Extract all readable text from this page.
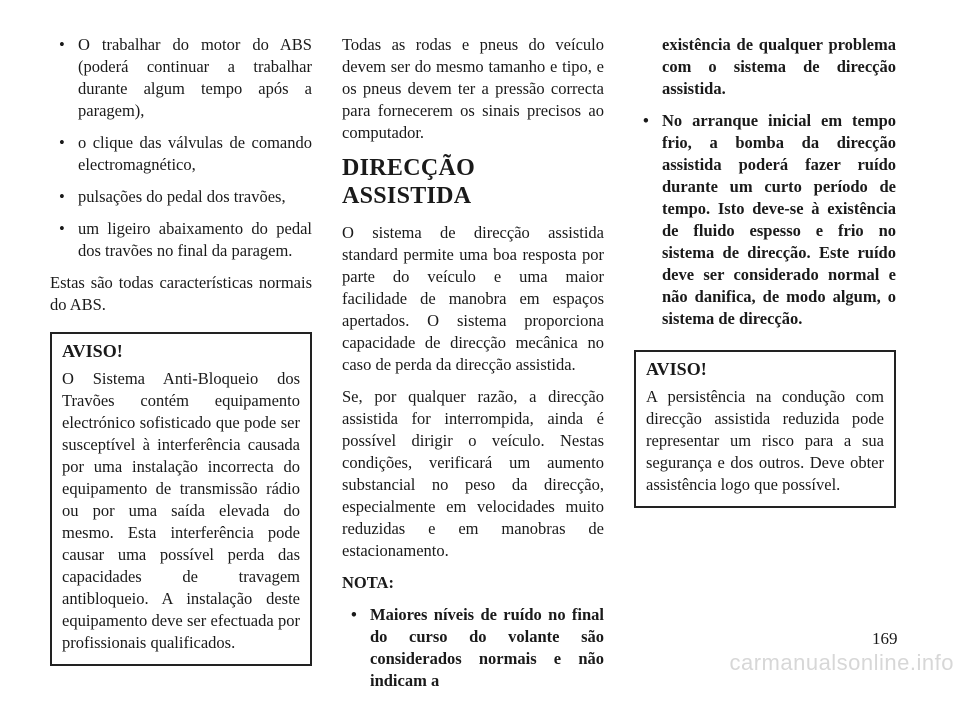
• O trabalhar do motor do ABS (poderá continuar a trabalhar durante algum tempo após a paragem),
• o clique das válvulas de comando electromagnético,
• pulsações do pedal dos travões,
• um ligeiro abaixamento do pedal dos travões no final da paragem.

Estas são todas características normais do ABS.

AVISO!
O Sistema Anti-Bloqueio dos Travões contém equipamento electrónico sofisticado que pode ser susceptível à interferência causada por uma instalação incorrecta do equipamento de transmissão rádio ou por uma saída elevada do mesmo. Esta interferência pode causar uma possível perda das capacidades de travagem antibloqueio. A instalação deste equipamento deve ser efectuada por profissionais qualificados.

Todas as rodas e pneus do veículo devem ser do mesmo tamanho e tipo, e os pneus devem ter a pressão correcta para fornecerem os sinais precisos ao computador.

DIRECÇÃO ASSISTIDA

O sistema de direcção assistida standard permite uma boa resposta por parte do veículo e uma maior facilidade de manobra em espaços apertados. O sistema proporciona capacidade de direcção mecânica no caso de perda da direcção assistida.

Se, por qualquer razão, a direcção assistida for interrompida, ainda é possível dirigir o veículo. Nestas condições, verificará um aumento substancial no peso da direcção, especialmente em velocidades muito reduzidas e em manobras de estacionamento.

NOTA:

• Maiores níveis de ruído no final do curso do volante são considerados normais e não indicam a
existência de qualquer problema com o sistema de direcção assistida.
• No arranque inicial em tempo frio, a bomba da direcção assistida poderá fazer ruído durante um curto período de tempo. Isto deve-se à existência de fluido espesso e frio no sistema de direcção. Este ruído deve ser considerado normal e não danifica, de modo algum, o sistema de direcção.
AVISO!
A persistência na condução com direcção assistida reduzida pode representar um risco para a sua segurança e dos outros. Deve obter assistência logo que possível.
169
carmanualsonline.info
